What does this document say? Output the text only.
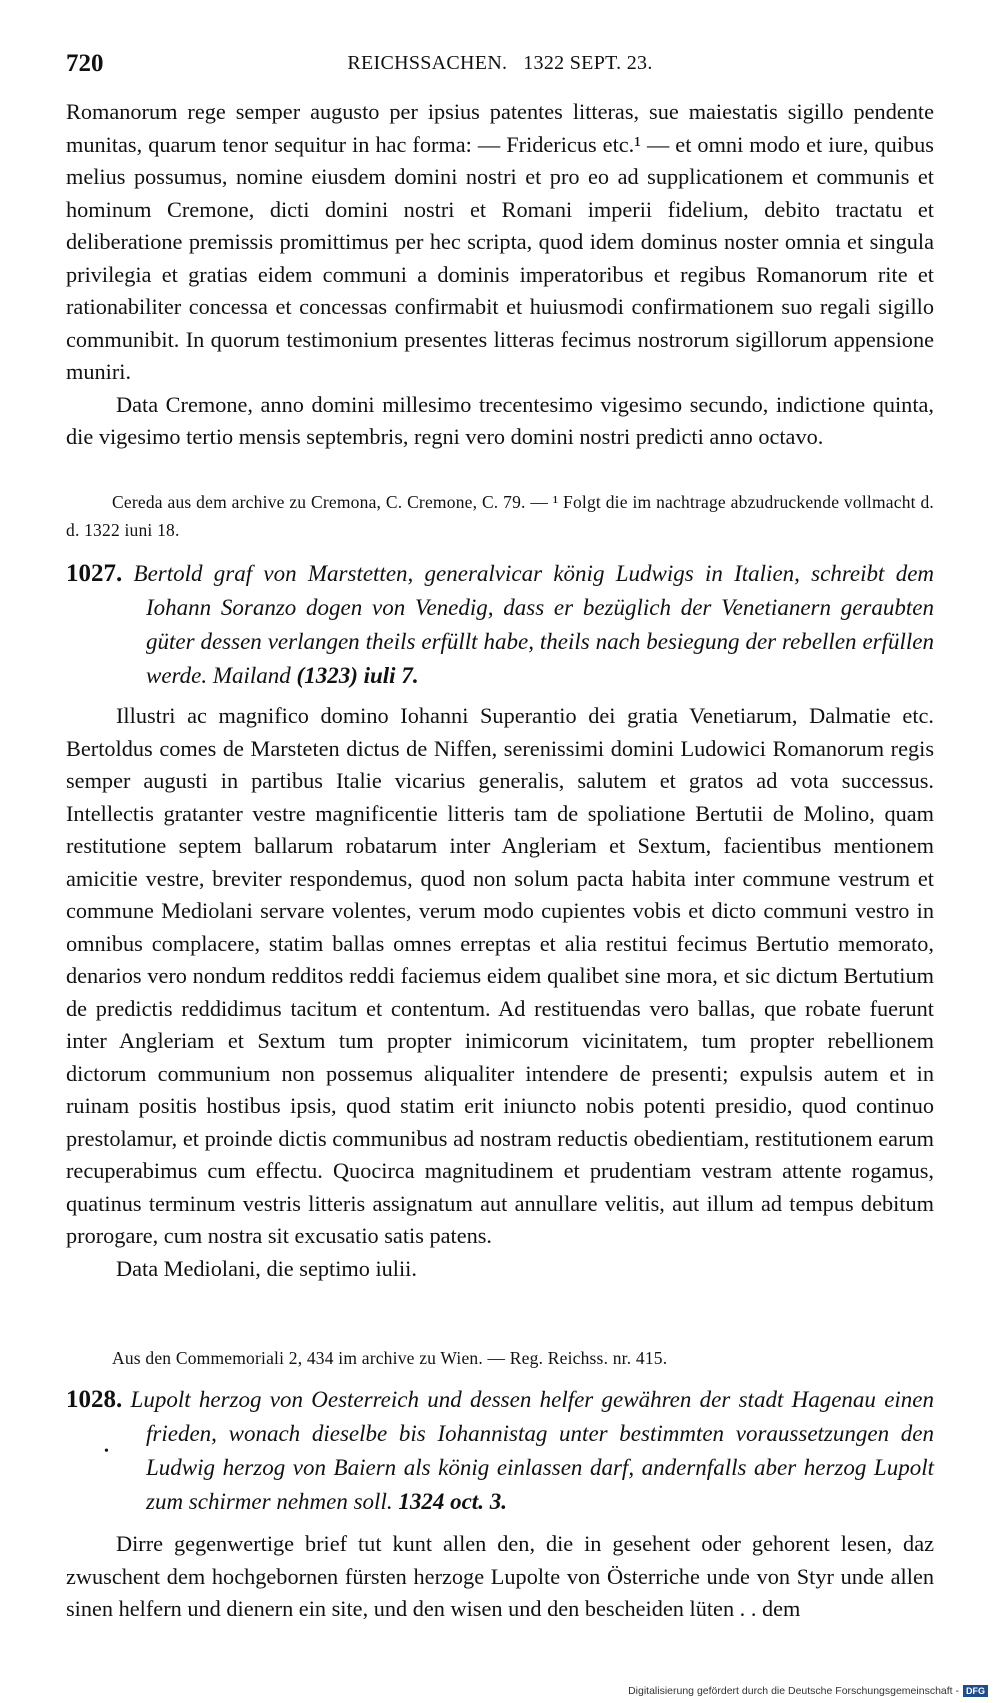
720	REICHSSACHEN.   1322 SEPT. 23.

Romanorum rege semper augusto per ipsius patentes litteras, sue maiestatis sigillo pendente munitas, quarum tenor sequitur in hac forma: — Fridericus etc.¹ — et omni modo et iure, quibus melius possumus, nomine eiusdem domini nostri et pro eo ad supplicationem et communis et hominum Cremone, dicti domini nostri et Romani imperii fidelium, debito tractatu et deliberatione premissis promittimus per hec scripta, quod idem dominus noster omnia et singula privilegia et gratias eidem communi a dominis imperatoribus et regibus Romanorum rite et rationabiliter concessa et concessas confirmabit et huiusmodi confirmationem suo regali sigillo communibit. In quorum testimonium presentes litteras fecimus nostrorum sigillorum appensione muniri.

Data Cremone, anno domini millesimo trecentesimo vigesimo secundo, indictione quinta, die vigesimo tertio mensis septembris, regni vero domini nostri predicti anno octavo.

Cereda aus dem archive zu Cremona, C. Cremone, C. 79. — ¹ Folgt die im nachtrage abzudruckende vollmacht d. d. 1322 iuni 18.

1027. Bertold graf von Marstetten, generalvicar könig Ludwigs in Italien, schreibt dem Iohann Soranzo dogen von Venedig, dass er bezüglich der Venetianern geraubten güter dessen verlangen theils erfüllt habe, theils nach besiegung der rebellen erfüllen werde. Mailand (1323) iuli 7.

Illustri ac magnifico domino Iohanni Superantio dei gratia Venetiarum, Dalmatie etc. Bertoldus comes de Marsteten dictus de Niffen, serenissimi domini Ludowici Romanorum regis semper augusti in partibus Italie vicarius generalis, salutem et gratos ad vota successus. Intellectis gratanter vestre magnificentie litteris tam de spoliatione Bertutii de Molino, quam restitutione septem ballarum robatarum inter Angleriam et Sextum, facientibus mentionem amicitie vestre, breviter respondemus, quod non solum pacta habita inter commune vestrum et commune Mediolani servare volentes, verum modo cupientes vobis et dicto communi vestro in omnibus complacere, statim ballas omnes erreptas et alia restitui fecimus Bertutio memorato, denarios vero nondum redditos reddi faciemus eidem qualibet sine mora, et sic dictum Bertutium de predictis reddidimus tacitum et contentum. Ad restituendas vero ballas, que robate fuerunt inter Angleriam et Sextum tum propter inimicorum vicinitatem, tum propter rebellionem dictorum communium non possemus aliqualiter intendere de presenti; expulsis autem et in ruinam positis hostibus ipsis, quod statim erit iniuncto nobis potenti presidio, quod continuo prestolamur, et proinde dictis communibus ad nostram reductis obedientiam, restitutionem earum recuperabimus cum effectu. Quocirca magnitudinem et prudentiam vestram attente rogamus, quatinus terminum vestris litteris assignatum aut annullare velitis, aut illum ad tempus debitum prorogare, cum nostra sit excusatio satis patens.

Data Mediolani, die septimo iulii.

Aus den Commemoriali 2, 434 im archive zu Wien. — Reg. Reichss. nr. 415.

•
1028. Lupolt herzog von Oesterreich und dessen helfer gewähren der stadt Hagenau einen frieden, wonach dieselbe bis Iohannistag unter bestimmten voraussetzungen den Ludwig herzog von Baiern als könig einlassen darf, andernfalls aber herzog Lupolt zum schirmer nehmen soll. 1324 oct. 3.

Dirre gegenwertige brief tut kunt allen den, die in gesehent oder gehorent lesen, daz zwuschent dem hochgebornen fürsten herzoge Lupolte von Österriche unde von Styr unde allen sinen helfern und dienern ein site, und den wisen und den bescheiden lüten . . dem

Digitalisierung gefördert durch die Deutsche Forschungsgemeinschaft - DFG
